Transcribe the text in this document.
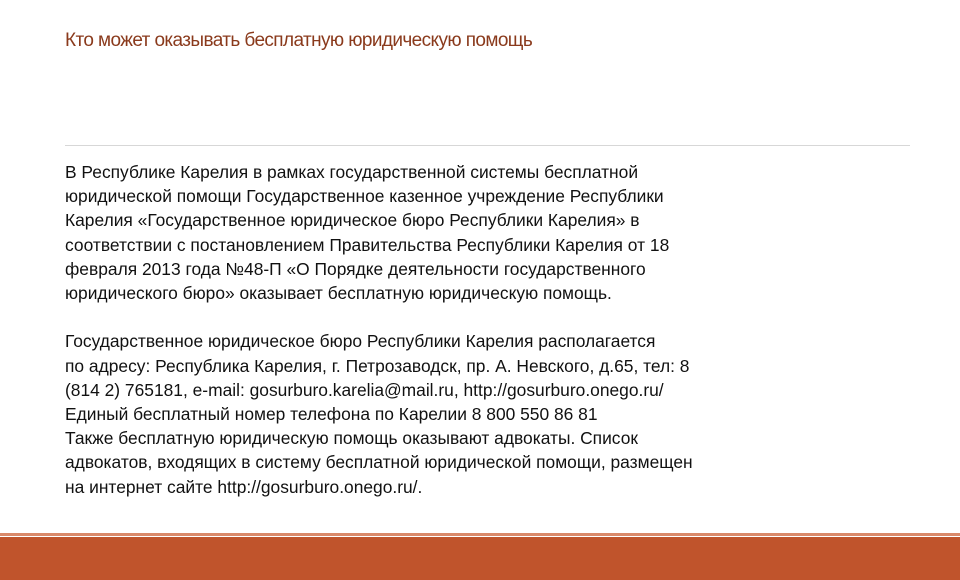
Кто может оказывать бесплатную юридическую помощь
В Республике Карелия в рамках государственной системы бесплатной
юридической помощи Государственное казенное учреждение Республики
Карелия «Государственное юридическое бюро Республики Карелия» в
соответствии с постановлением Правительства Республики Карелия от 18
февраля 2013 года №48-П «О Порядке деятельности государственного
юридического бюро» оказывает бесплатную юридическую помощь.
Государственное юридическое бюро Республики Карелия располагается
по адресу: Республика Карелия, г. Петрозаводск, пр. А. Невского, д.65, тел: 8
(814 2) 765181, e-mail: gosurburo.karelia@mail.ru, http://gosurburo.onego.ru/
Единый бесплатный номер телефона по Карелии 8 800 550 86 81
Также бесплатную юридическую помощь оказывают адвокаты. Список
адвокатов, входящих в систему бесплатной юридической помощи, размещен
на интернет сайте http://gosurburo.onego.ru/.
